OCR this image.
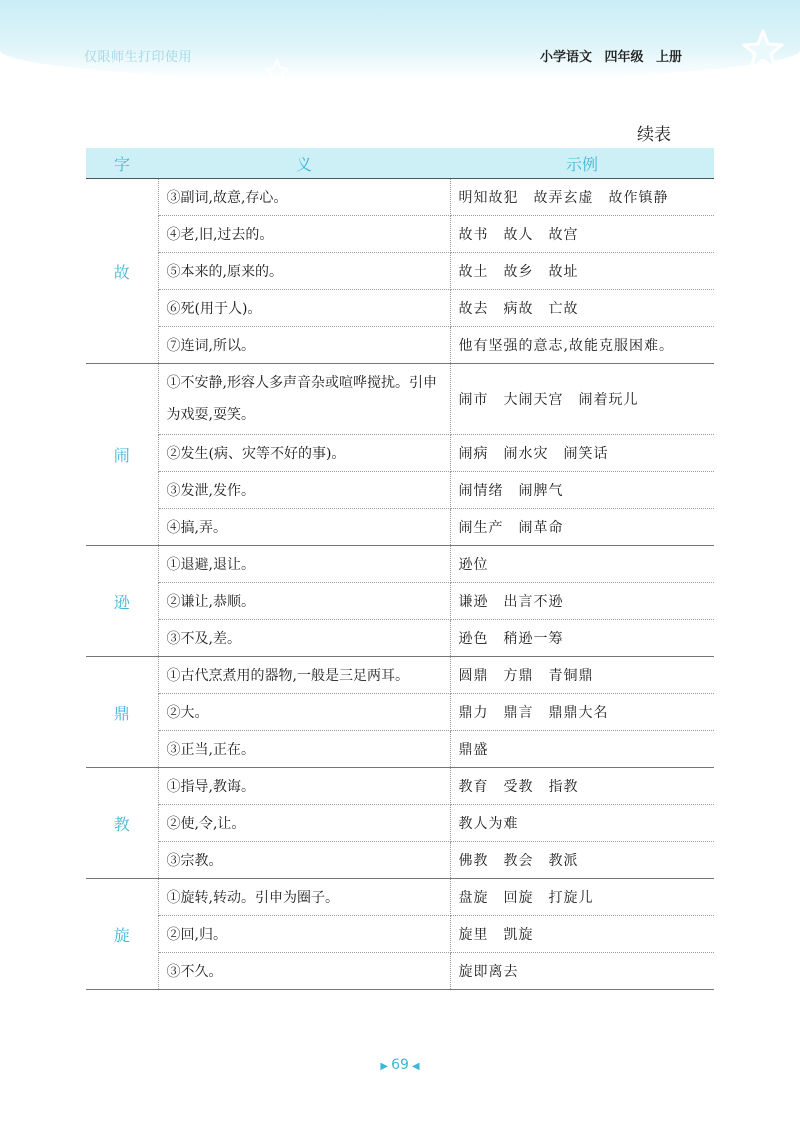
仅限师生打印使用	小学语文 四年级 上册
续表
字	义	示例
故	③副词,故意,存心。	明知故犯　故弄玄虚　故作镇静
	④老,旧,过去的。	故书　故人　故宫
	⑤本来的,原来的。	故土　故乡　故址
	⑥死(用于人)。	故去　病故　亡故
	⑦连词,所以。	他有坚强的意志,故能克服困难。
闹	①不安静,形容人多声音杂或喧哗搅扰。引申为戏耍,耍笑。	闹市　大闹天宫　闹着玩儿
	②发生(病、灾等不好的事)。	闹病　闹水灾　闹笑话
	③发泄,发作。	闹情绪　闹脾气
	④搞,弄。	闹生产　闹革命
逊	①退避,退让。	逊位
	②谦让,恭顺。	谦逊　出言不逊
	③不及,差。	逊色　稍逊一筹
鼎	①古代烹煮用的器物,一般是三足两耳。	圆鼎　方鼎　青铜鼎
	②大。	鼎力　鼎言　鼎鼎大名
	③正当,正在。	鼎盛
教	①指导,教诲。	教育　受教　指教
	②使,令,让。	教人为难
	③宗教。	佛教　教会　教派
旋	①旋转,转动。引申为圈子。	盘旋　回旋　打旋儿
	②回,归。	旋里　凯旋
	③不久。	旋即离去
▶ 69 ◀
